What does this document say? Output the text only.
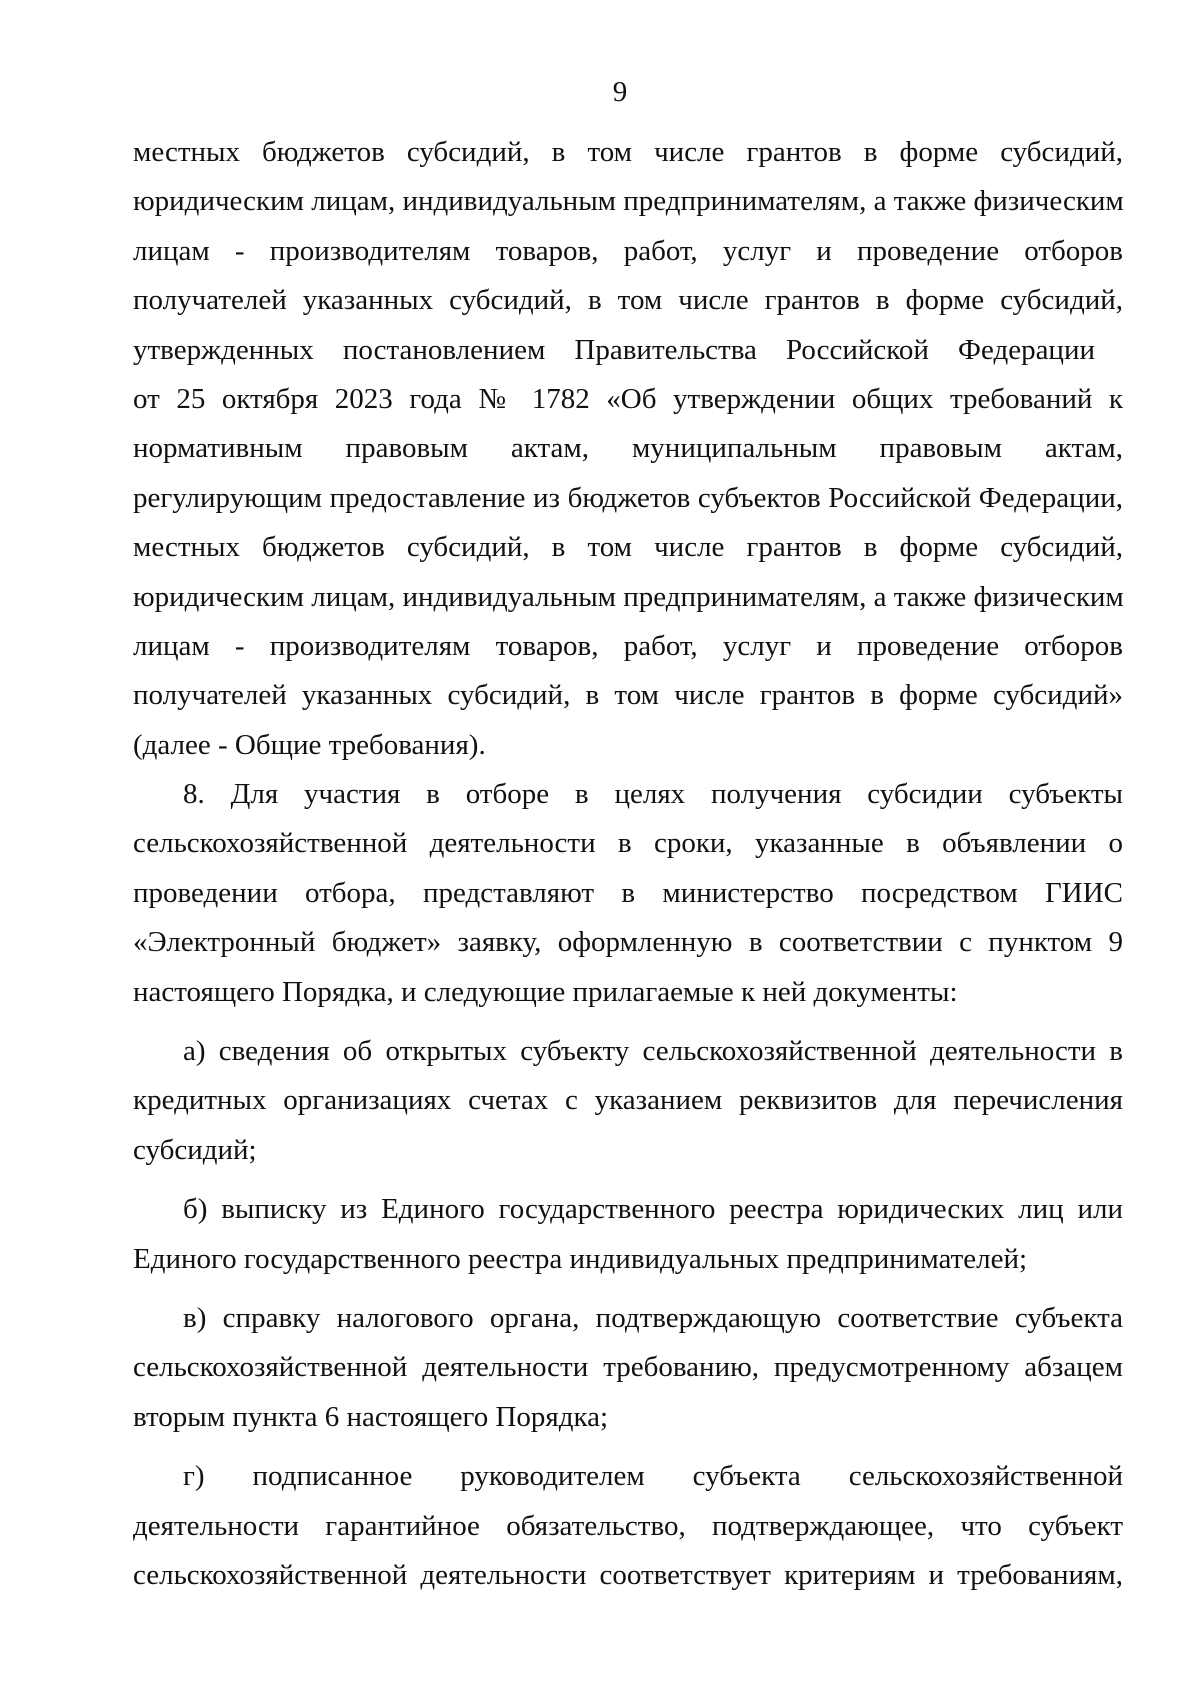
9
местных бюджетов субсидий, в том числе грантов в форме субсидий,
юридическим лицам, индивидуальным предпринимателям, а также физическим
лицам - производителям товаров, работ, услуг и проведение отборов
получателей указанных субсидий, в том числе грантов в форме субсидий,
утвержденных постановлением Правительства Российской Федерации
от 25 октября 2023 года № 1782 «Об утверждении общих требований к
нормативным правовым актам, муниципальным правовым актам,
регулирующим предоставление из бюджетов субъектов Российской Федерации,
местных бюджетов субсидий, в том числе грантов в форме субсидий,
юридическим лицам, индивидуальным предпринимателям, а также физическим
лицам - производителям товаров, работ, услуг и проведение отборов
получателей указанных субсидий, в том числе грантов в форме субсидий»
(далее - Общие требования).
8. Для участия в отборе в целях получения субсидии субъекты
сельскохозяйственной деятельности в сроки, указанные в объявлении о
проведении отбора, представляют в министерство посредством ГИИС
«Электронный бюджет» заявку, оформленную в соответствии с пунктом 9
настоящего Порядка, и следующие прилагаемые к ней документы:
а) сведения об открытых субъекту сельскохозяйственной деятельности в
кредитных организациях счетах с указанием реквизитов для перечисления
субсидий;
б) выписку из Единого государственного реестра юридических лиц или
Единого государственного реестра индивидуальных предпринимателей;
в) справку налогового органа, подтверждающую соответствие субъекта
сельскохозяйственной деятельности требованию, предусмотренному абзацем
вторым пункта 6 настоящего Порядка;
г) подписанное руководителем субъекта сельскохозяйственной
деятельности гарантийное обязательство, подтверждающее, что субъект
сельскохозяйственной деятельности соответствует критериям и требованиям,
